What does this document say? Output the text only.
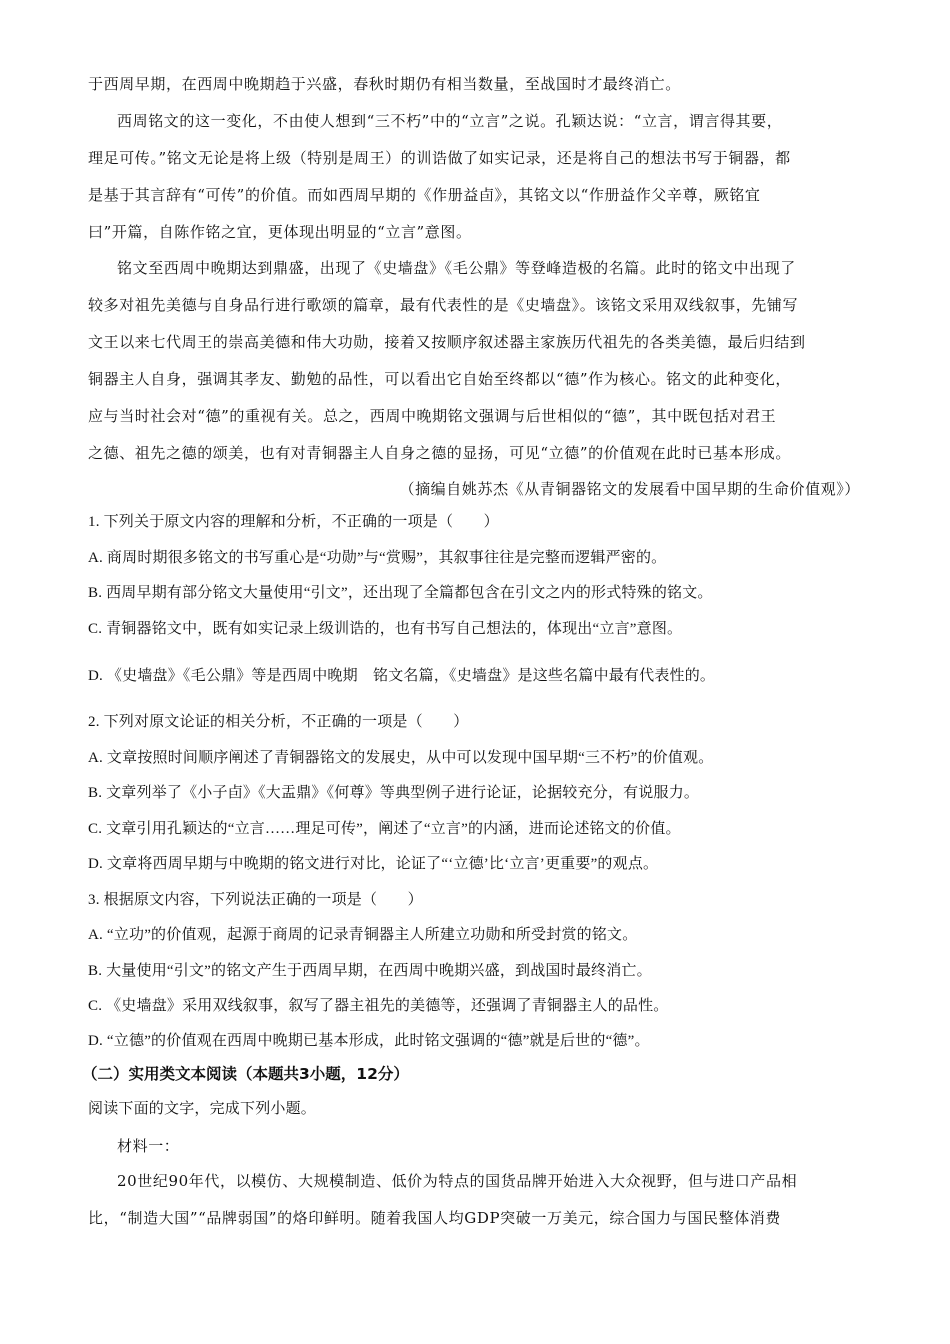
于西周早期，在西周中晚期趋于兴盛，春秋时期仍有相当数量，至战国时才最终消亡。
西周铭文的这一变化，不由使人想到“三不朽”中的“立言”之说。孔颖达说：“立言，谓言得其要，
理足可传。”铭文无论是将上级（特别是周王）的训诰做了如实记录，还是将自己的想法书写于铜器，都
是基于其言辞有“可传”的价值。而如西周早期的《作册益卣》，其铭文以“作册益作父辛尊，厥铭宜
曰”开篇，自陈作铭之宜，更体现出明显的“立言”意图。
铭文至西周中晚期达到鼎盛，出现了《史墙盘》《毛公鼎》等登峰造极的名篇。此时的铭文中出现了
较多对祖先美德与自身品行进行歌颂的篇章，最有代表性的是《史墙盘》。该铭文采用双线叙事，先铺写
文王以来七代周王的崇高美德和伟大功勋，接着又按顺序叙述器主家族历代祖先的各类美德，最后归结到
铜器主人自身，强调其孝友、勤勉的品性，可以看出它自始至终都以“德”作为核心。铭文的此种变化，
应与当时社会对“德”的重视有关。总之，西周中晚期铭文强调与后世相似的“德”，其中既包括对君王
之德、祖先之德的颂美，也有对青铜器主人自身之德的显扬，可见“立德”的价值观在此时已基本形成。
（摘编自姚苏杰《从青铜器铭文的发展看中国早期的生命价值观》）
1. 下列关于原文内容的理解和分析，不正确的一项是（　　）
A. 商周时期很多铭文的书写重心是“功勋”与“赏赐”，其叙事往往是完整而逻辑严密的。
B. 西周早期有部分铭文大量使用“引文”，还出现了全篇都包含在引文之内的形式特殊的铭文。
C. 青铜器铭文中，既有如实记录上级训诰的，也有书写自己想法的，体现出“立言”意图。
D. 《史墙盘》《毛公鼎》等是西周中晚期　铭文名篇，《史墙盘》是这些名篇中最有代表性的。
2. 下列对原文论证的相关分析，不正确的一项是（　　）
A. 文章按照时间顺序阐述了青铜器铭文的发展史，从中可以发现中国早期“三不朽”的价值观。
B. 文章列举了《小子卣》《大盂鼎》《何尊》等典型例子进行论证，论据较充分，有说服力。
C. 文章引用孔颖达的“立言……理足可传”，阐述了“立言”的内涵，进而论述铭文的价值。
D. 文章将西周早期与中晚期的铭文进行对比，论证了“‘立德’比‘立言’更重要”的观点。
3. 根据原文内容，下列说法正确的一项是（　　）
A. “立功”的价值观，起源于商周的记录青铜器主人所建立功勋和所受封赏的铭文。
B. 大量使用“引文”的铭文产生于西周早期，在西周中晚期兴盛，到战国时最终消亡。
C. 《史墙盘》采用双线叙事，叙写了器主祖先的美德等，还强调了青铜器主人的品性。
D. “立德”的价值观在西周中晚期已基本形成，此时铭文强调的“德”就是后世的“德”。
（二）实用类文本阅读（本题共3小题，12分）
阅读下面的文字，完成下列小题。
材料一：
20世纪90年代，以模仿、大规模制造、低价为特点的国货品牌开始进入大众视野，但与进口产品相
比，“制造大国”“品牌弱国”的烙印鲜明。随着我国人均GDP突破一万美元，综合国力与国民整体消费
